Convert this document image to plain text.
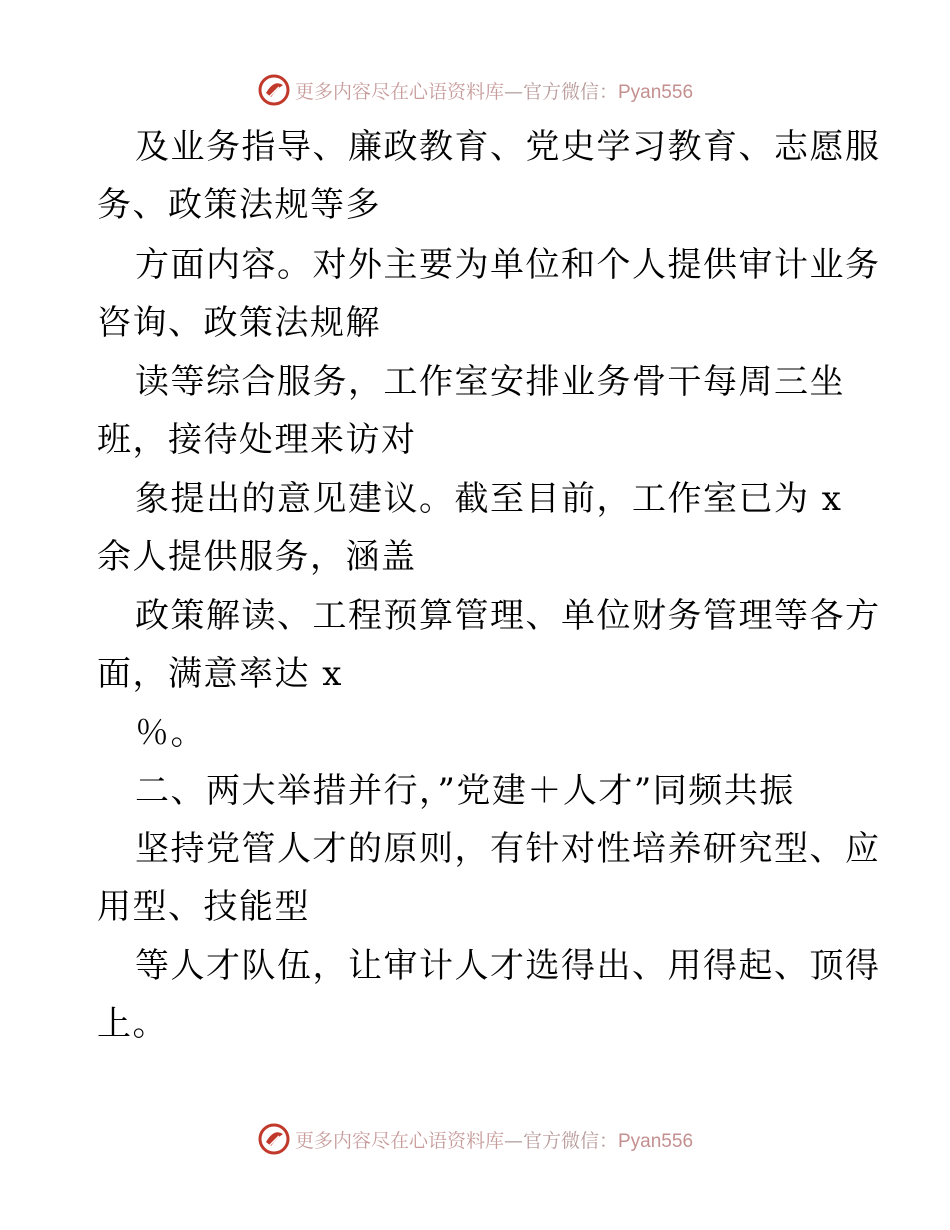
更多内容尽在心语资料库—官方微信：Pyan556
及业务指导、廉政教育、党史学习教育、志愿服
务、政策法规等多
方面内容。对外主要为单位和个人提供审计业务
咨询、政策法规解
读等综合服务，工作室安排业务骨干每周三坐
班，接待处理来访对
象提出的意见建议。截至目前，工作室已为 x
余人提供服务，涵盖
政策解读、工程预算管理、单位财务管理等各方
面，满意率达 x
％。
二、两大举措并行，”党建＋人才”同频共振
坚持党管人才的原则，有针对性培养研究型、应
用型、技能型
等人才队伍，让审计人才选得出、用得起、顶得
上。
更多内容尽在心语资料库—官方微信：Pyan556
